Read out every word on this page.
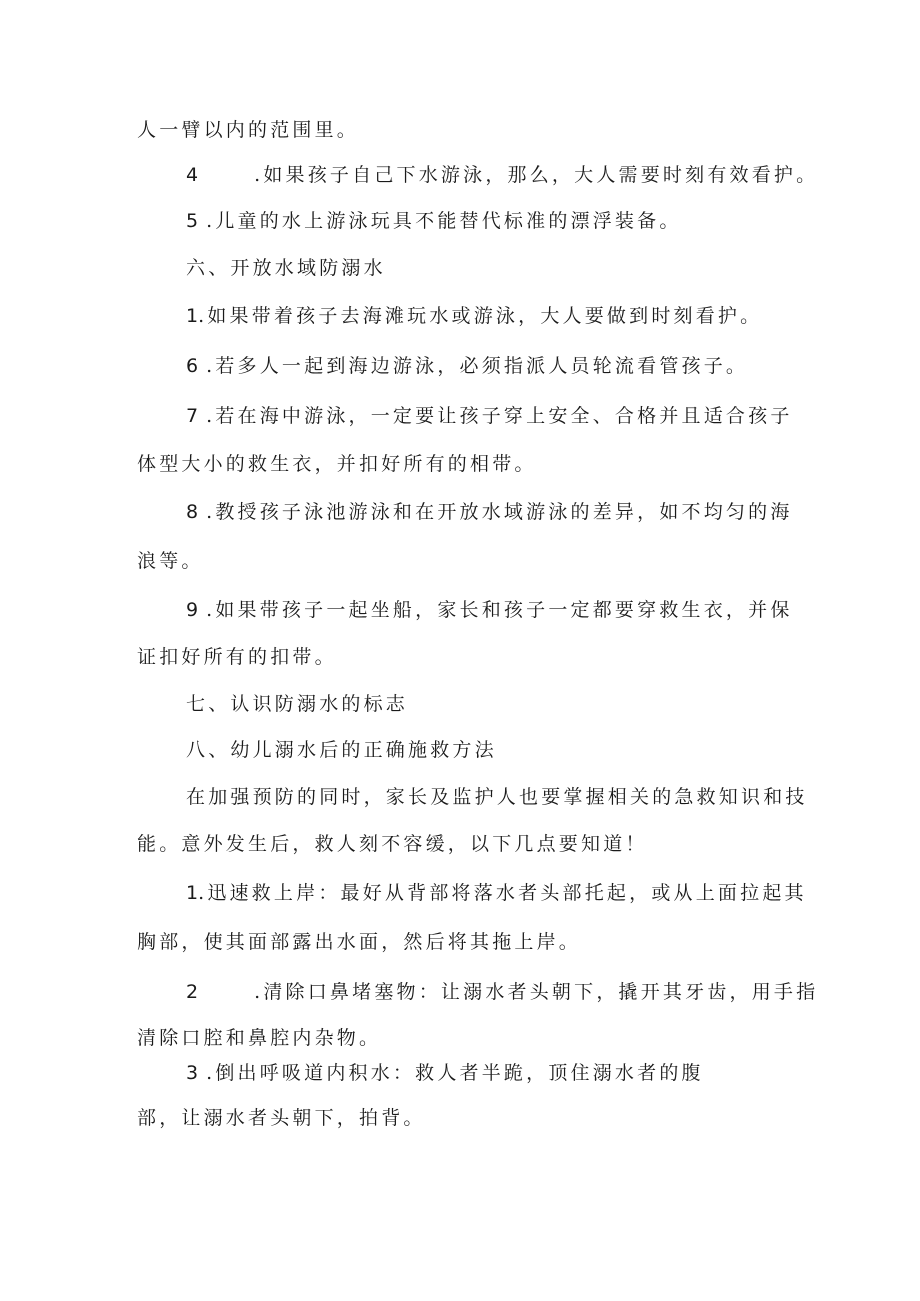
人一臂以内的范围里。
4	.如果孩子自己下水游泳，那么，大人需要时刻有效看护。
5 .儿童的水上游泳玩具不能替代标准的漂浮装备。
六、开放水域防溺水
1.如果带着孩子去海滩玩水或游泳，大人要做到时刻看护。
6 .若多人一起到海边游泳，必须指派人员轮流看管孩子。
7 .若在海中游泳，一定要让孩子穿上安全、合格并且适合孩子
体型大小的救生衣，并扣好所有的相带。
8 .教授孩子泳池游泳和在开放水域游泳的差异，如不均匀的海
浪等。
9 .如果带孩子一起坐船，家长和孩子一定都要穿救生衣，并保
证扣好所有的扣带。
七、认识防溺水的标志
八、幼儿溺水后的正确施救方法
在加强预防的同时，家长及监护人也要掌握相关的急救知识和技
能。意外发生后，救人刻不容缓，以下几点要知道！
1.迅速救上岸：最好从背部将落水者头部托起，或从上面拉起其
胸部，使其面部露出水面，然后将其拖上岸。
2	.清除口鼻堵塞物：让溺水者头朝下，撬开其牙齿，用手指
清除口腔和鼻腔内杂物。
3 .倒出呼吸道内积水：救人者半跪，顶住溺水者的腹
部，让溺水者头朝下，拍背。
